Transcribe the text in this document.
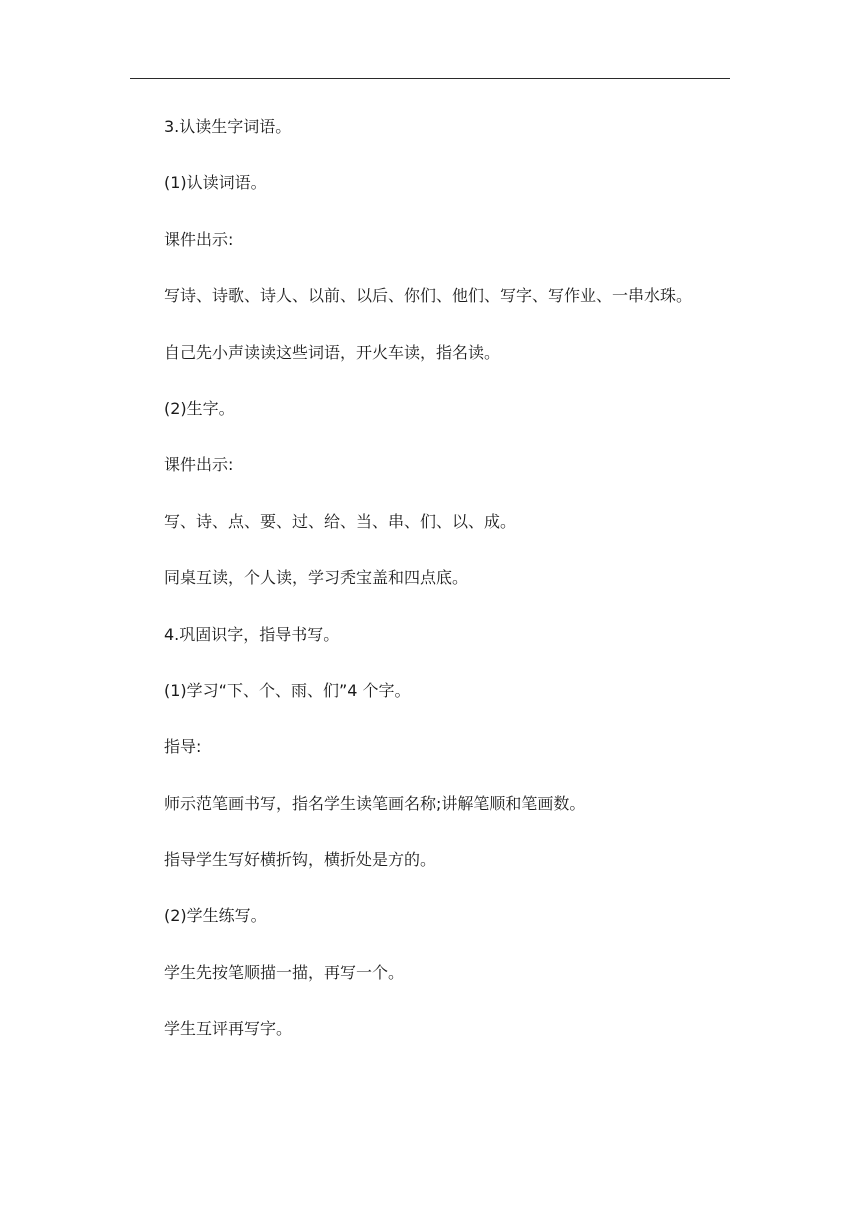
3.认读生字词语。

(1)认读词语。

课件出示:

写诗、诗歌、诗人、以前、以后、你们、他们、写字、写作业、一串水珠。

自己先小声读读这些词语，开火车读，指名读。

(2)生字。

课件出示:

写、诗、点、要、过、给、当、串、们、以、成。

同桌互读，个人读，学习秃宝盖和四点底。

4.巩固识字，指导书写。

(1)学习“下、个、雨、们”4 个字。

指导:

师示范笔画书写，指名学生读笔画名称;讲解笔顺和笔画数。

指导学生写好横折钩，横折处是方的。

(2)学生练写。

学生先按笔顺描一描，再写一个。

学生互评再写字。
